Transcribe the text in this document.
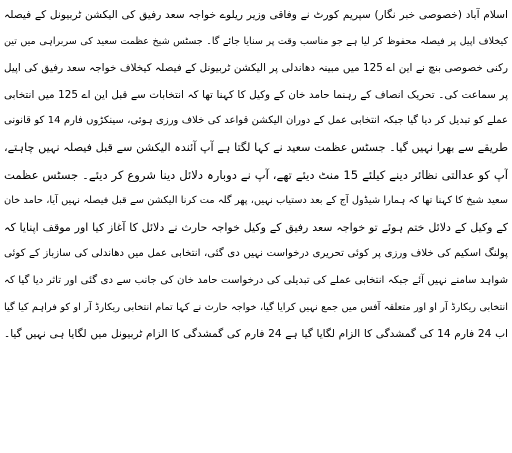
اسلام آباد (خصوصی خبر نگار) سپریم کورٹ نے وفاقی وزیر ریلوے خواجہ سعد رفیق کی الیکشن ٹربیونل کے فیصلہ
کیخلاف اپیل پر فیصلہ محفوظ کر لیا ہے جو مناسب وقت پر سنایا جائے گا۔ جسٹس شیخ عظمت سعید کی سربراہی میں تین
رکنی خصوصی بنچ نے این اے 125 میں مبینہ دھاندلی پر الیکشن ٹربیونل کے فیصلہ کیخلاف خواجہ سعد رفیق کی اپیل
پر سماعت کی۔ تحریک انصاف کے رہنما حامد خان کے وکیل کا کہنا تھا کہ انتخابات سے قبل این اے 125 میں انتخابی
عملے کو تبدیل کر دیا گیا جبکہ انتخابی عمل کے دوران الیکشن قواعد کی خلاف ورزی ہوئی، سینکڑوں فارم 14 کو قانونی
طریقے سے بھرا نہیں گیا۔ جسٹس عظمت سعید نے کہا لگتا ہے آپ آئندہ الیکشن سے قبل فیصلہ نہیں چاہتے،
آپ کو عدالتی نظائر دینے کیلئے 15 منٹ دیئے تھے، آپ نے دوبارہ دلائل دینا شروع کر دیئے۔ جسٹس عظمت
سعید شیخ کا کہنا تھا کہ ہمارا شیڈول آج کے بعد دستیاب نہیں، پھر گلہ مت کرنا الیکشن سے قبل فیصلہ نہیں آیا، حامد خان
کے وکیل کے دلائل ختم ہوئے تو خواجہ سعد رفیق کے وکیل خواجہ حارث نے دلائل کا آغاز کیا اور موقف اپنایا کہ
پولنگ اسکیم کی خلاف ورزی پر کوئی تحریری درخواست نہیں دی گئی، انتخابی عمل میں دھاندلی کی سازباز کے کوئی
شواہد سامنے نہیں آئے جبکہ انتخابی عملے کی تبدیلی کی درخواست حامد خان کی جانب سے دی گئی اور تاثر دیا گیا کہ
انتخابی ریکارڈ آر او اور متعلقہ آفس میں جمع نہیں کرایا گیا، خواجہ حارث نے کہا تمام انتخابی ریکارڈ آر او کو فراہم کیا گیا
اب 24 فارم 14 کی گمشدگی کا الزام لگایا گیا ہے 24 فارم کی گمشدگی کا الزام ٹربیونل میں لگایا ہی نہیں گیا۔
